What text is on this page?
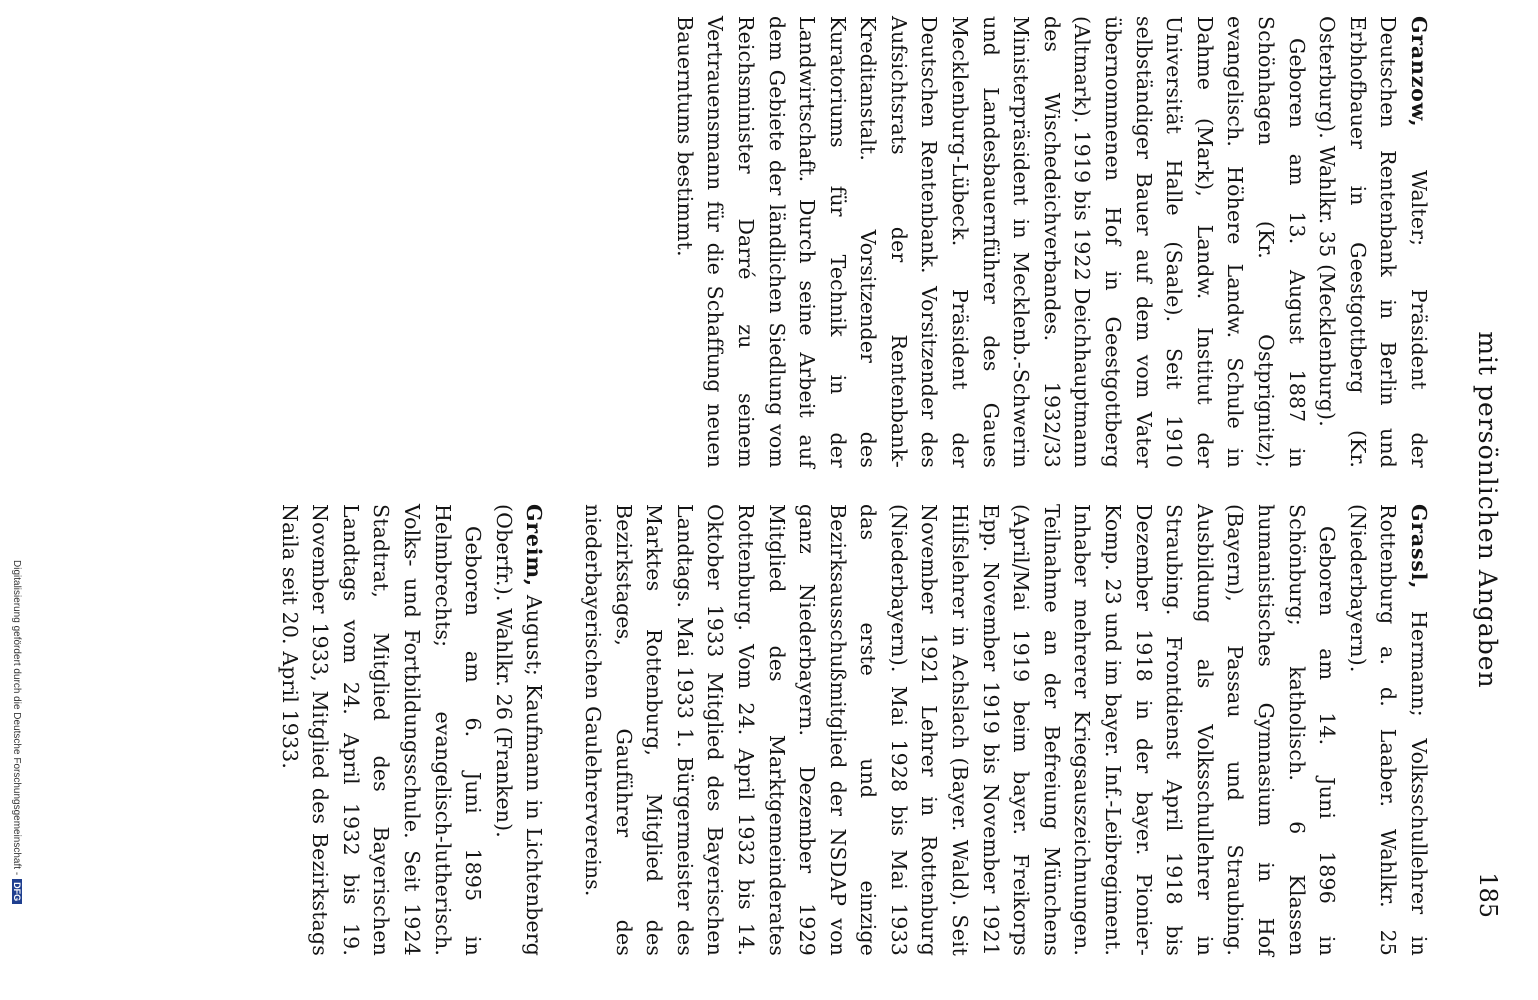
mit persönlichen Angaben
185

Granzow, Walter; Präsident der Deutschen Rentenbank in Berlin und Erbhofbauer in Geestgottberg (Kr. Osterburg). Wahlkr. 35 (Mecklenburg).

Geboren am 13. August 1887 in Schönhagen (Kr. Ostprignitz); evangelisch. Höhere Landw. Schule in Dahme (Mark), Landw. Institut der Universität Halle (Saale). Seit 1910 selbständiger Bauer auf dem vom Vater übernommenen Hof in Geestgottberg (Altmark). 1919 bis 1922 Deichhauptmann des Wischedeichverbandes. 1932/33 Ministerpräsident in Mecklenb.-Schwerin und Landesbauernführer des Gaues Mecklenburg-Lübeck. Präsident der Deutschen Rentenbank. Vorsitzender des Aufsichtsrats der Rentenbank-Kreditanstalt. Vorsitzender des Kuratoriums für Technik in der Landwirtschaft. Durch seine Arbeit auf dem Gebiete der ländlichen Siedlung vom Reichsminister Darré zu seinem Vertrauensmann für die Schaffung neuen Bauerntums bestimmt.

Grassl, Hermann; Volksschullehrer in Rottenburg a. d. Laaber. Wahlkr. 25 (Niederbayern).

Geboren am 14. Juni 1896 in Schönburg; katholisch. 6 Klassen humanistisches Gymnasium in Hof (Bayern), Passau und Straubing. Ausbildung als Volksschullehrer in Straubing. Frontdienst April 1918 bis Dezember 1918 in der bayer. Pionier-Komp. 23 und im bayer. Inf.-Leibregiment. Inhaber mehrerer Kriegsauszeichnungen. Teilnahme an der Befreiung Münchens (April/Mai 1919 beim bayer. Freikorps Epp. November 1919 bis November 1921 Hilfslehrer in Achslach (Bayer. Wald). Seit November 1921 Lehrer in Rottenburg (Niederbayern). Mai 1928 bis Mai 1933 das erste und einzige Bezirksausschußmitglied der NSDAP von ganz Niederbayern. Dezember 1929 Mitglied des Marktgemeinderates Rottenburg. Vom 24. April 1932 bis 14. Oktober 1933 Mitglied des Bayerischen Landtags. Mai 1933 1. Bürgermeister des Marktes Rottenburg, Mitglied des Bezirkstages, Gauführer des niederbayerischen Gaulehrervereins.

Greim, August; Kaufmann in Lichtenberg (Oberfr.). Wahlkr. 26 (Franken).

Geboren am 6. Juni 1895 in Helmbrechts; evangelisch-lutherisch. Volks- und Fortbildungsschule. Seit 1924 Stadtrat, Mitglied des Bayerischen Landtags vom 24. April 1932 bis 19. November 1933, Mitglied des Bezirkstags Naila seit 20. April 1933.

Digitalisierung gefördert durch die Deutsche Forschungsgemeinschaft -DFG
